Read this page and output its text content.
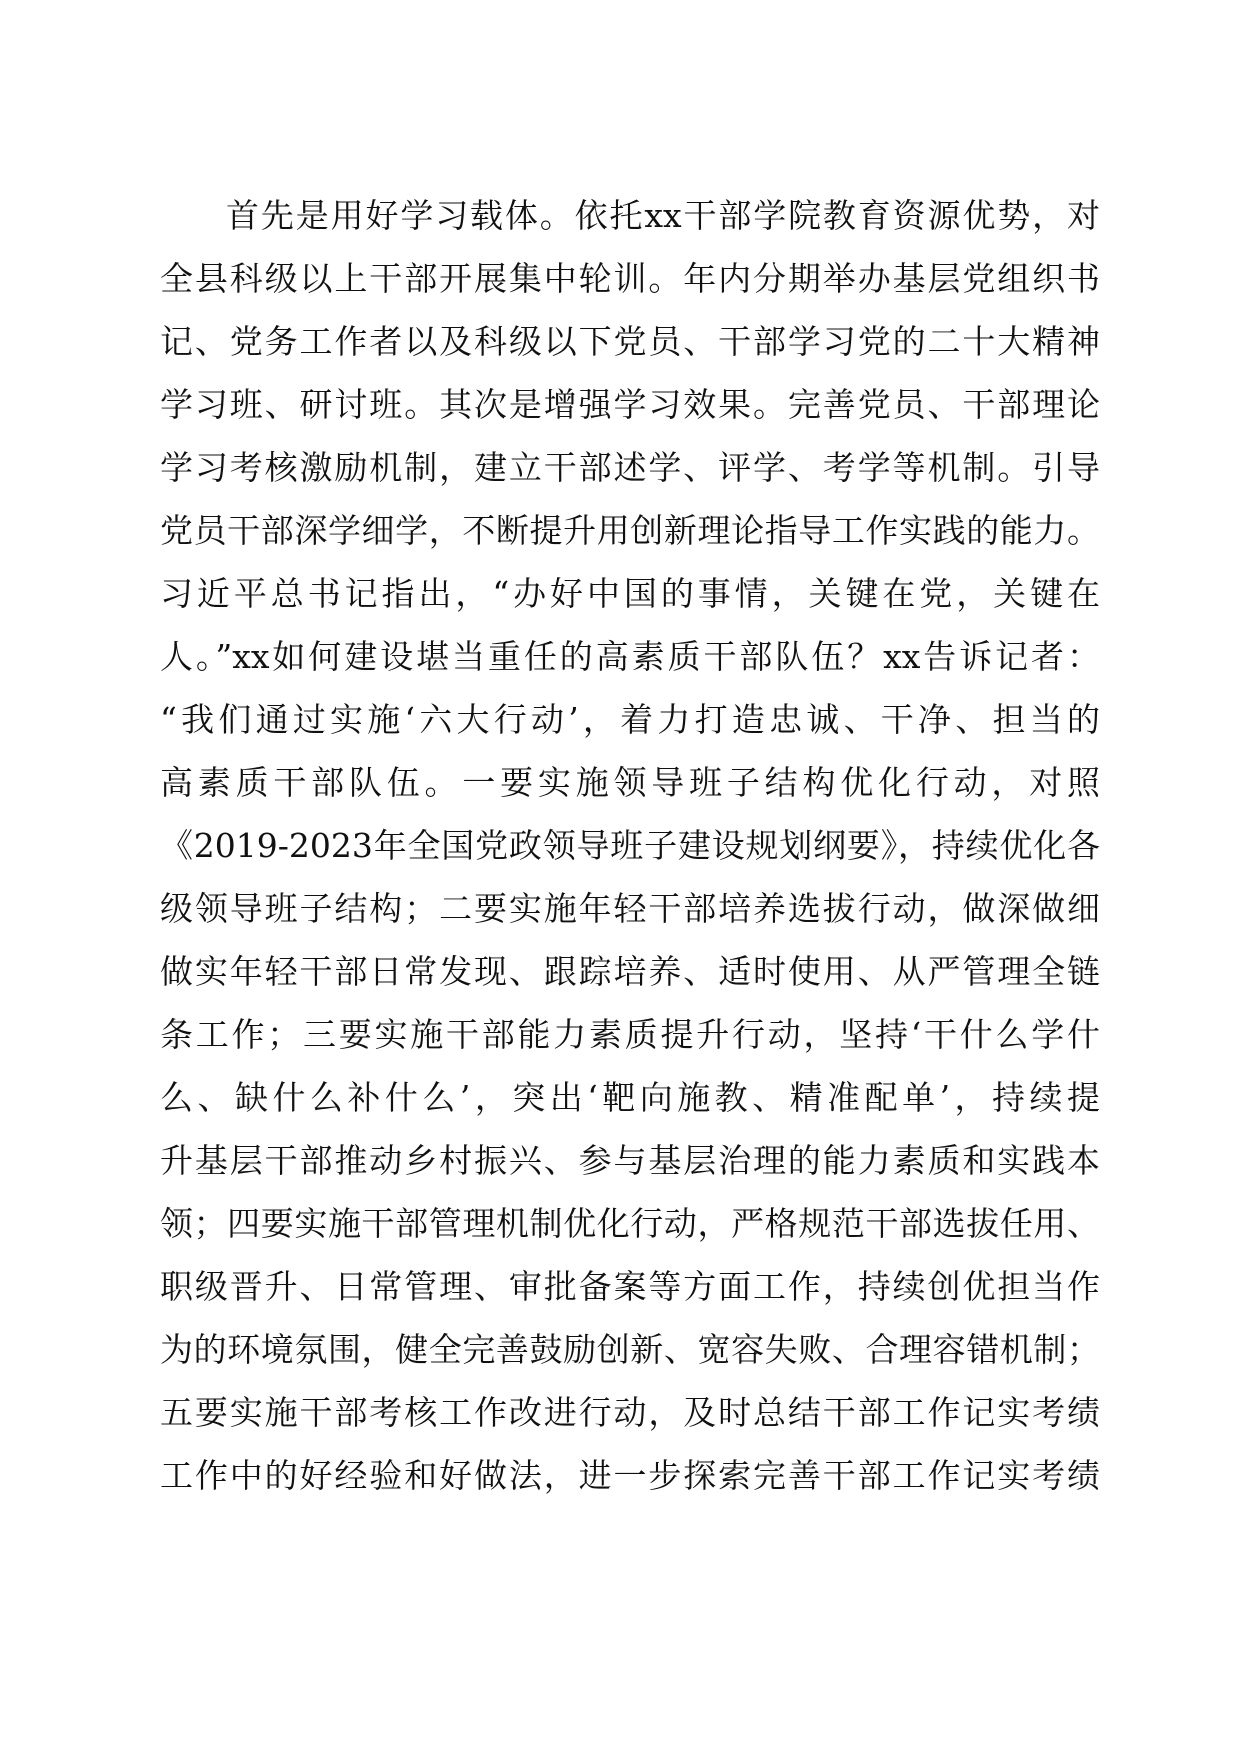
首先是用好学习载体。依托xx干部学院教育资源优势，对
全县科级以上干部开展集中轮训。年内分期举办基层党组织书
记、党务工作者以及科级以下党员、干部学习党的二十大精神
学习班、研讨班。其次是增强学习效果。完善党员、干部理论
学习考核激励机制，建立干部述学、评学、考学等机制。引导
党员干部深学细学，不断提升用创新理论指导工作实践的能力。
习近平总书记指出，“办好中国的事情，关键在党，关键在
人。”xx如何建设堪当重任的高素质干部队伍？xx告诉记者：
“我们通过实施‘六大行动’，着力打造忠诚、干净、担当的
高素质干部队伍。一要实施领导班子结构优化行动，对照
《2019-2023年全国党政领导班子建设规划纲要》，持续优化各
级领导班子结构；二要实施年轻干部培养选拔行动，做深做细
做实年轻干部日常发现、跟踪培养、适时使用、从严管理全链
条工作；三要实施干部能力素质提升行动，坚持‘干什么学什
么、缺什么补什么’，突出‘靶向施教、精准配单’，持续提
升基层干部推动乡村振兴、参与基层治理的能力素质和实践本
领；四要实施干部管理机制优化行动，严格规范干部选拔任用、
职级晋升、日常管理、审批备案等方面工作，持续创优担当作
为的环境氛围，健全完善鼓励创新、宽容失败、合理容错机制；
五要实施干部考核工作改进行动，及时总结干部工作记实考绩
工作中的好经验和好做法，进一步探索完善干部工作记实考绩
